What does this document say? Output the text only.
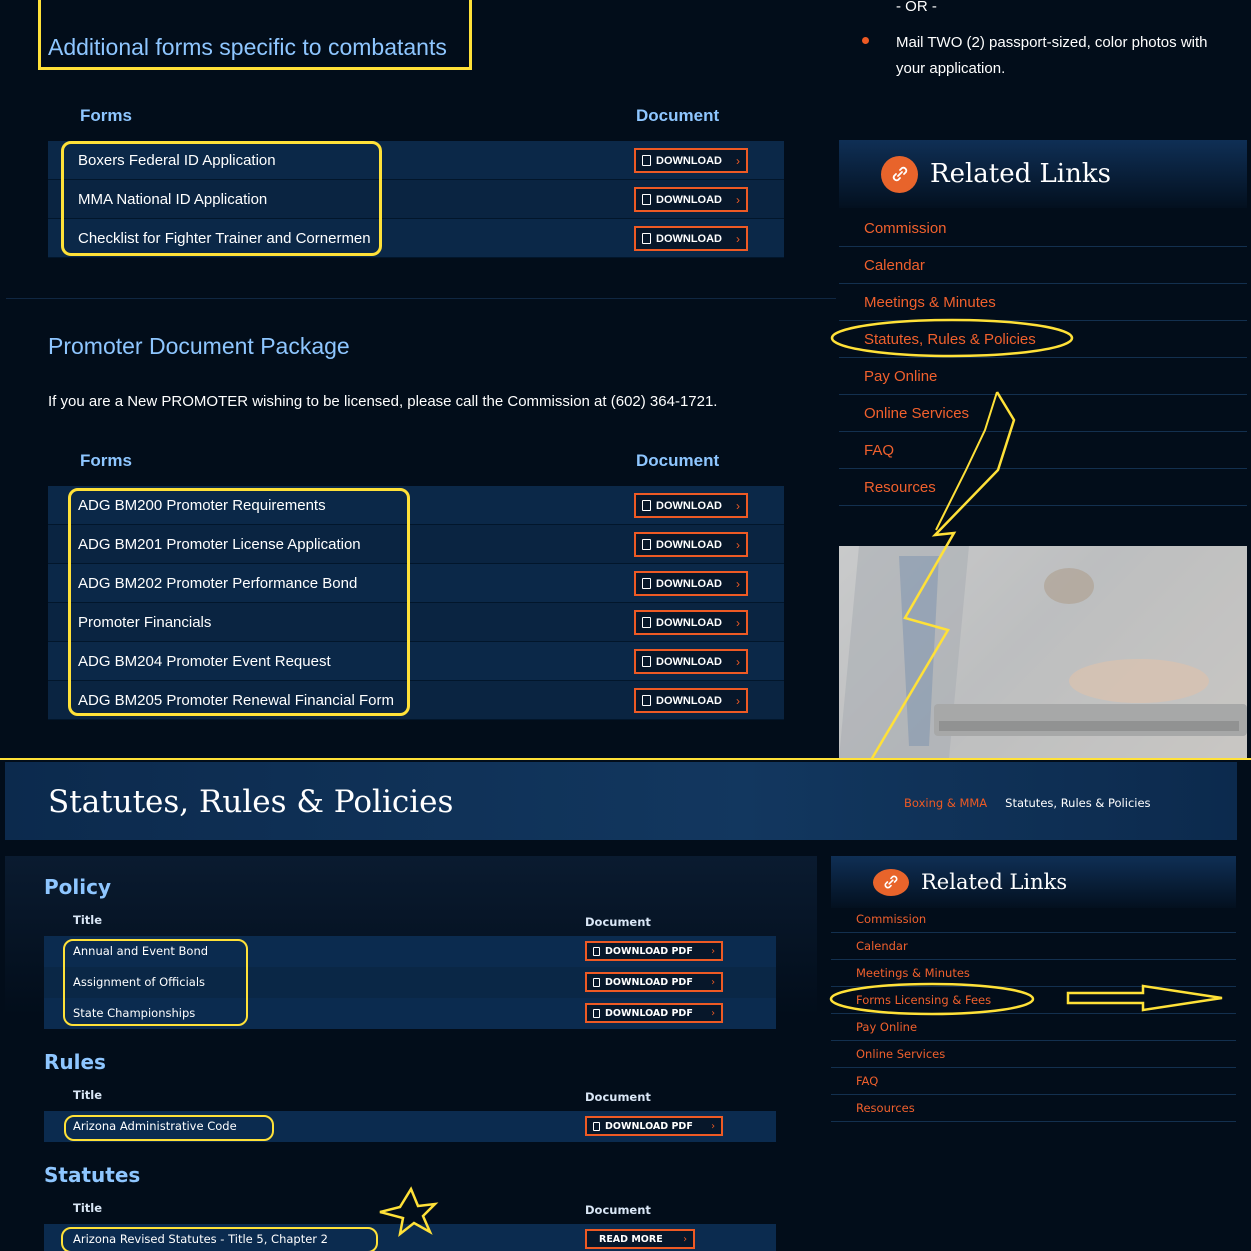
- OR -
Mail TWO (2) passport-sized, color photos with your application.
Additional forms specific to combatants
Forms	Document
Boxers Federal ID Application	DOWNLOAD ›
MMA National ID Application	DOWNLOAD ›
Checklist for Fighter Trainer and Cornermen	DOWNLOAD ›
Promoter Document Package
If you are a New PROMOTER wishing to be licensed, please call the Commission at (602) 364-1721.
Forms	Document
ADG BM200 Promoter Requirements	DOWNLOAD ›
ADG BM201 Promoter License Application	DOWNLOAD ›
ADG BM202 Promoter Performance Bond	DOWNLOAD ›
Promoter Financials	DOWNLOAD ›
ADG BM204 Promoter Event Request	DOWNLOAD ›
ADG BM205 Promoter Renewal Financial Form	DOWNLOAD ›
Related Links
Commission
Calendar
Meetings & Minutes
Statutes, Rules & Policies
Pay Online
Online Services
FAQ
Resources
Statutes, Rules & Policies	Boxing & MMA Statutes, Rules & Policies
Policy
Title	Document
Annual and Event Bond	DOWNLOAD PDF ›
Assignment of Officials	DOWNLOAD PDF ›
State Championships	DOWNLOAD PDF ›
Rules
Title	Document
Arizona Administrative Code	DOWNLOAD PDF ›
Statutes
Title	Document
Arizona Revised Statutes - Title 5, Chapter 2	READ MORE ›
Related Links
Commission
Calendar
Meetings & Minutes
Forms Licensing & Fees
Pay Online
Online Services
FAQ
Resources
